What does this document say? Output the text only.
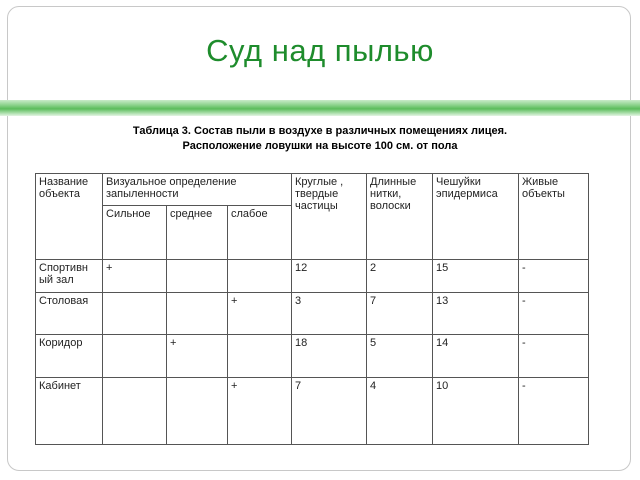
Суд над пылью
Таблица 3. Состав пыли в воздухе в различных помещениях лицея.
Расположение ловушки на высоте 100 см. от пола
Название объекта	Визуальное определение запыленности			Круглые , твердые частицы	Длинные нитки, волоски	Чешуйки эпидермиса	Живые объекты
	Сильное	среднее	слабое				
Спортивн ый зал	+			12	2	15	-
Столовая			+	3	7	13	-
Коридор		+		18	5	14	-
Кабинет			+	7	4	10	-
